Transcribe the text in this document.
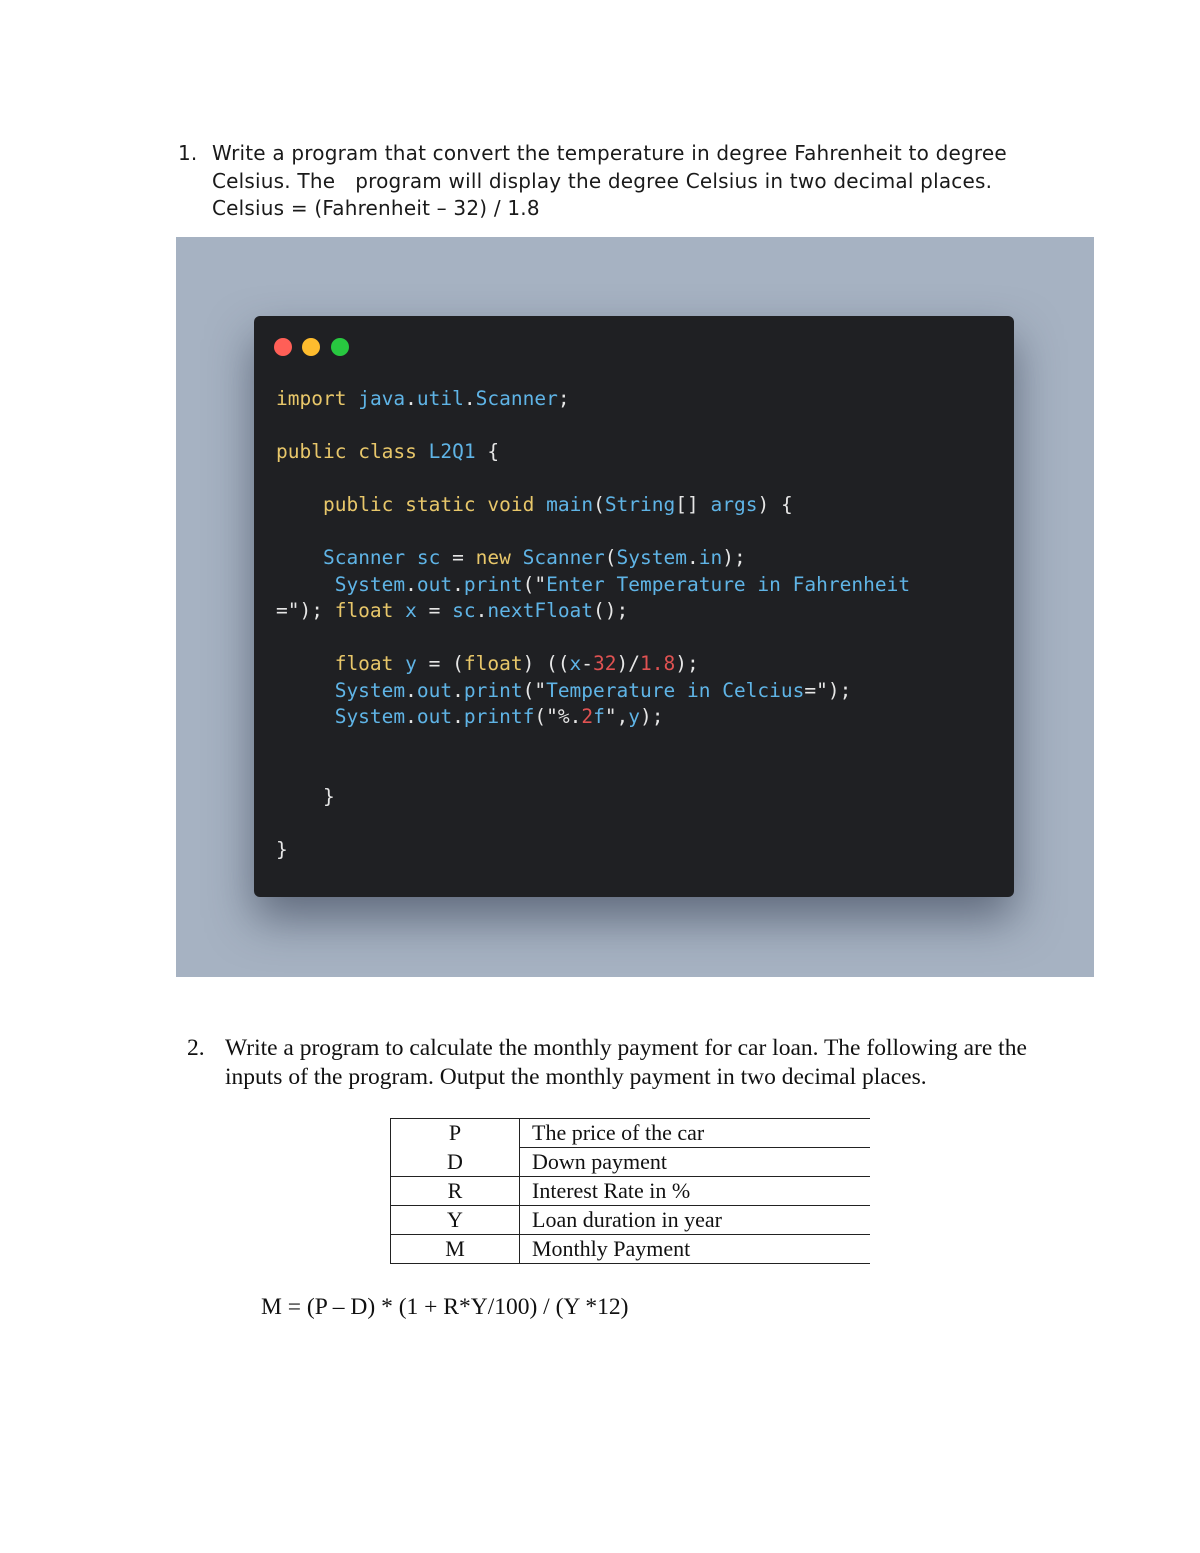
1. Write a program that convert the temperature in degree Fahrenheit to degree
Celsius. The program will display the degree Celsius in two decimal places.
Celsius = (Fahrenheit – 32) / 1.8
import java.util.Scanner;

public class L2Q1 {

public static void main(String[] args) {

Scanner sc = new Scanner(System.in);
System.out.print("Enter Temperature in Fahrenheit
="); float x = sc.nextFloat();

float y = (float) ((x-32)/1.8);
System.out.print("Temperature in Celcius=");
System.out.printf("%.2f",y);

}

}
2. Write a program to calculate the monthly payment for car loan. The following are the
inputs of the program. Output the monthly payment in two decimal places.
P	The price of the car
D	Down payment
R	Interest Rate in %
Y	Loan duration in year
M	Monthly Payment
M = (P – D) * (1 + R*Y/100) / (Y *12)
